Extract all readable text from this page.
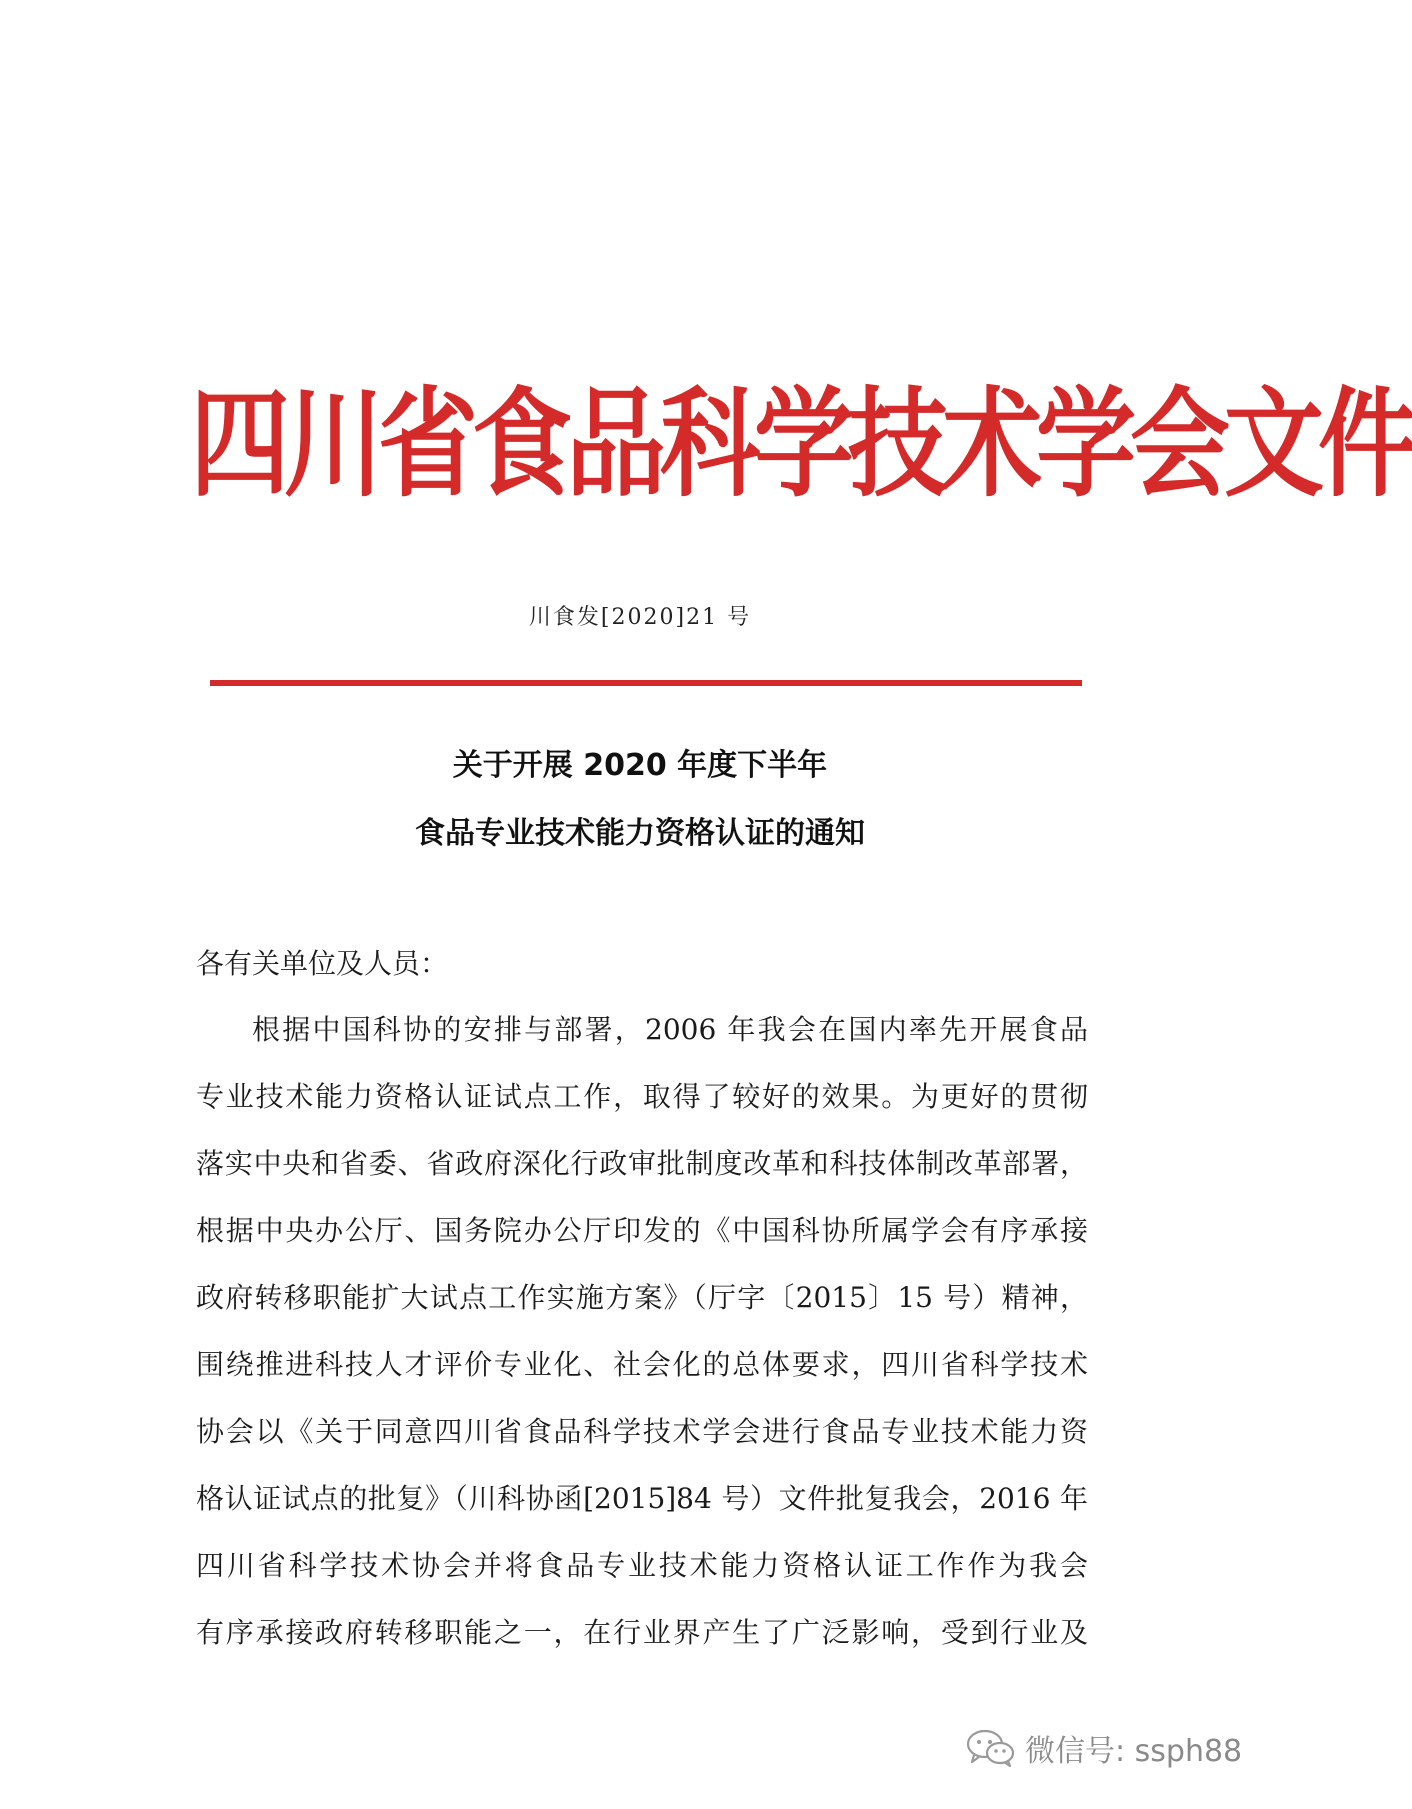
四川省食品科学技术学会文件
川食发[2020]21 号
关于开展 2020 年度下半年
食品专业技术能力资格认证的通知
各有关单位及人员：
根据中国科协的安排与部署，2006 年我会在国内率先开展食品
专业技术能力资格认证试点工作，取得了较好的效果。为更好的贯彻
落实中央和省委、省政府深化行政审批制度改革和科技体制改革部署，
根据中央办公厅、国务院办公厅印发的《中国科协所属学会有序承接
政府转移职能扩大试点工作实施方案》（厅字〔2015〕15 号）精神，
围绕推进科技人才评价专业化、社会化的总体要求，四川省科学技术
协会以《关于同意四川省食品科学技术学会进行食品专业技术能力资
格认证试点的批复》（川科协函[2015]84 号）文件批复我会，2016 年
四川省科学技术协会并将食品专业技术能力资格认证工作作为我会
有序承接政府转移职能之一，在行业界产生了广泛影响，受到行业及
微信号: ssph88
